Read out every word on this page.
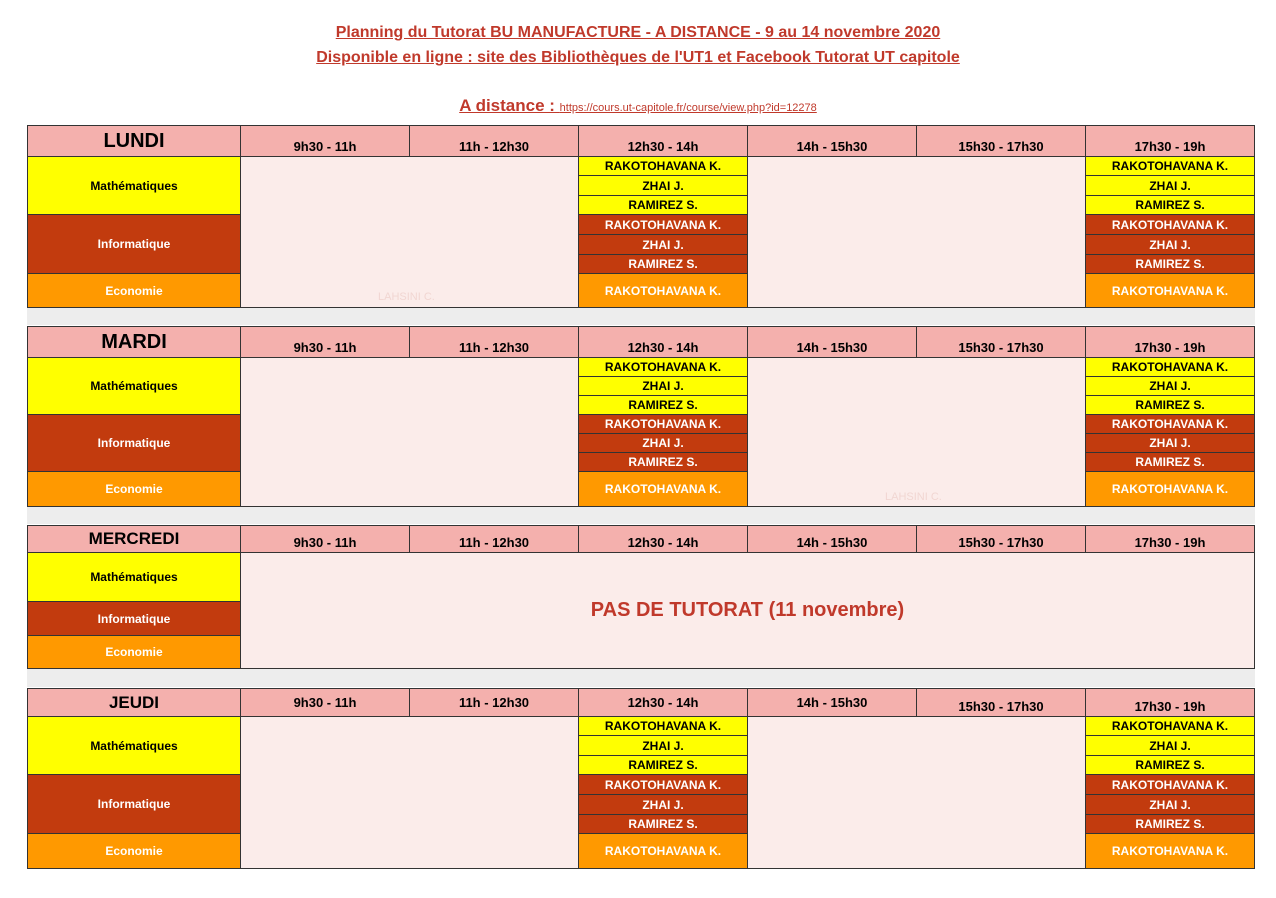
Planning du Tutorat BU MANUFACTURE - A DISTANCE - 9 au 14 novembre 2020
Disponible en ligne : site des Bibliothèques de l'UT1 et Facebook Tutorat UT capitole
A distance : https://cours.ut-capitole.fr/course/view.php?id=12278
LUNDI	9h30 - 11h	11h - 12h30	12h30 - 14h	14h - 15h30	15h30 - 17h30	17h30 - 19h
Mathématiques			RAKOTOHAVANA K.			RAKOTOHAVANA K.
			ZHAI J.			ZHAI J.
			RAMIREZ S.			RAMIREZ S.
Informatique			RAKOTOHAVANA K.			RAKOTOHAVANA K.
			ZHAI J.			ZHAI J.
			RAMIREZ S.			RAMIREZ S.
Economie			RAKOTOHAVANA K.			RAKOTOHAVANA K.
LAHSINI C.
MARDI	9h30 - 11h	11h - 12h30	12h30 - 14h	14h - 15h30	15h30 - 17h30	17h30 - 19h
Mathématiques			RAKOTOHAVANA K.			RAKOTOHAVANA K.
			ZHAI J.			ZHAI J.
			RAMIREZ S.			RAMIREZ S.
Informatique			RAKOTOHAVANA K.			RAKOTOHAVANA K.
			ZHAI J.			ZHAI J.
			RAMIREZ S.			RAMIREZ S.
Economie			RAKOTOHAVANA K.			RAKOTOHAVANA K.
LAHSINI C.
MERCREDI	9h30 - 11h	11h - 12h30	12h30 - 14h	14h - 15h30	15h30 - 17h30	17h30 - 19h
Mathématiques	PAS DE TUTORAT (11 novembre)					
Informatique						
Economie						
JEUDI	9h30 - 11h	11h - 12h30	12h30 - 14h	14h - 15h30	15h30 - 17h30	17h30 - 19h
Mathématiques			RAKOTOHAVANA K.			RAKOTOHAVANA K.
			ZHAI J.			ZHAI J.
			RAMIREZ S.			RAMIREZ S.
Informatique			RAKOTOHAVANA K.			RAKOTOHAVANA K.
			ZHAI J.			ZHAI J.
			RAMIREZ S.			RAMIREZ S.
Economie			RAKOTOHAVANA K.			RAKOTOHAVANA K.
